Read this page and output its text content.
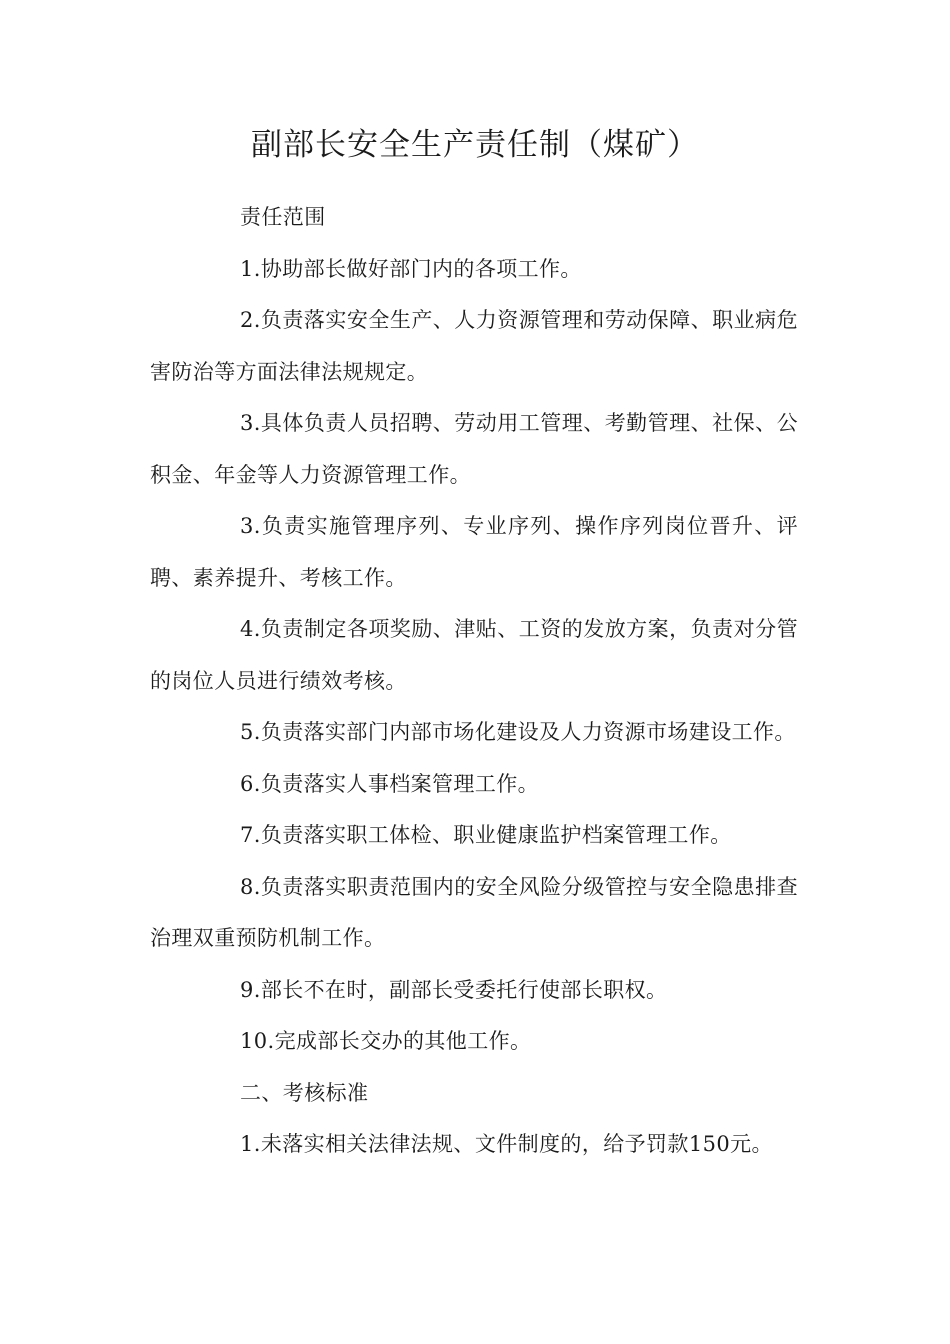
副部长安全生产责任制（煤矿）

责任范围

1.协助部长做好部门内的各项工作。

2.负责落实安全生产、人力资源管理和劳动保障、职业病危害防治等方面法律法规规定。

3.具体负责人员招聘、劳动用工管理、考勤管理、社保、公积金、年金等人力资源管理工作。

3.负责实施管理序列、专业序列、操作序列岗位晋升、评聘、素养提升、考核工作。

4.负责制定各项奖励、津贴、工资的发放方案，负责对分管的岗位人员进行绩效考核。

5.负责落实部门内部市场化建设及人力资源市场建设工作。

6.负责落实人事档案管理工作。

7.负责落实职工体检、职业健康监护档案管理工作。

8.负责落实职责范围内的安全风险分级管控与安全隐患排查治理双重预防机制工作。

9.部长不在时，副部长受委托行使部长职权。

10.完成部长交办的其他工作。

二、考核标准

1.未落实相关法律法规、文件制度的，给予罚款150元。
